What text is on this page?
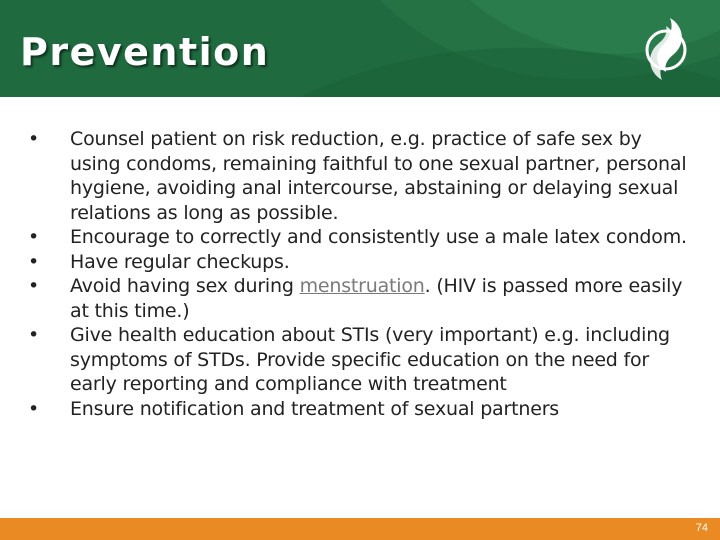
Prevention
• Counsel patient on risk reduction, e.g. practice of safe sex by using condoms, remaining faithful to one sexual partner, personal hygiene, avoiding anal intercourse, abstaining or delaying sexual relations as long as possible.
• Encourage to correctly and consistently use a male latex condom.
• Have regular checkups.
• Avoid having sex during menstruation. (HIV is passed more easily at this time.)
• Give health education about STIs (very important) e.g. including symptoms of STDs. Provide specific education on the need for early reporting and compliance with treatment
• Ensure notification and treatment of sexual partners
74
